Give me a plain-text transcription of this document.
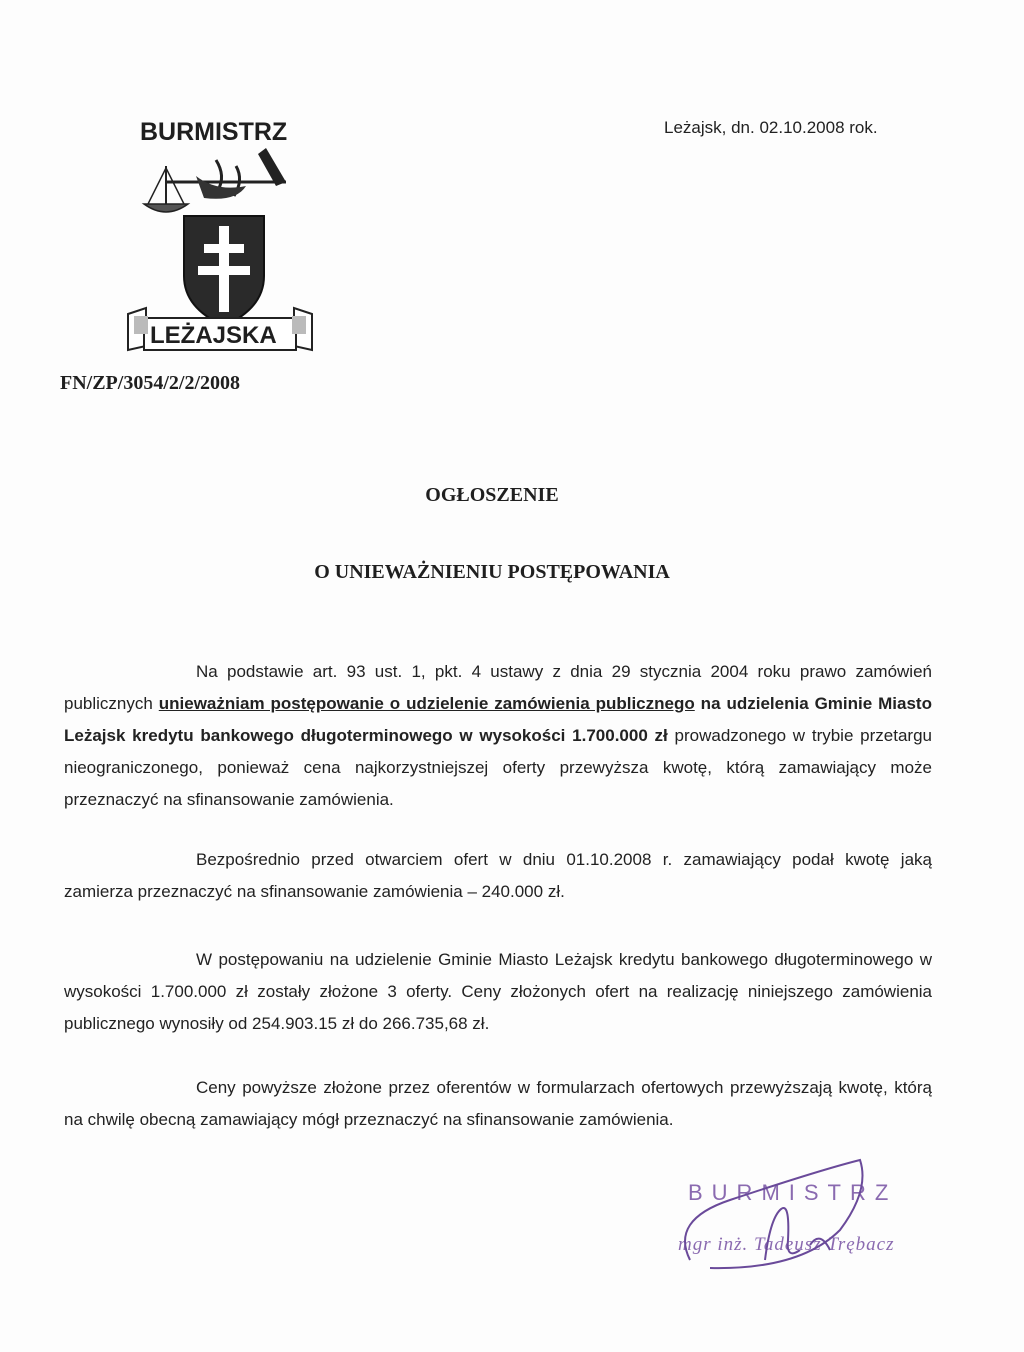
BURMISTRZ
LEŻAJSKA
FN/ZP/3054/2/2/2008
Leżajsk, dn. 02.10.2008 rok.
OGŁOSZENIE
O UNIEWAŻNIENIU POSTĘPOWANIA
Na podstawie art. 93 ust. 1, pkt. 4 ustawy z dnia 29 stycznia 2004 roku prawo zamówień publicznych unieważniam postępowanie o udzielenie zamówienia publicznego na udzielenia Gminie Miasto Leżajsk kredytu bankowego długoterminowego w wysokości 1.700.000 zł prowadzonego w trybie przetargu nieograniczonego, ponieważ cena najkorzystniejszej oferty przewyższa kwotę, którą zamawiający może przeznaczyć na sfinansowanie zamówienia.
Bezpośrednio przed otwarciem ofert w dniu 01.10.2008 r. zamawiający podał kwotę jaką zamierza przeznaczyć na sfinansowanie zamówienia – 240.000 zł.
W postępowaniu na udzielenie Gminie Miasto Leżajsk kredytu bankowego długoterminowego w wysokości 1.700.000 zł zostały złożone 3 oferty. Ceny złożonych ofert na realizację niniejszego zamówienia publicznego wynosiły od 254.903.15 zł do 266.735,68 zł.
Ceny powyższe złożone przez oferentów w formularzach ofertowych przewyższają kwotę, którą na chwilę obecną zamawiający mógł przeznaczyć na sfinansowanie zamówienia.
BURMISTRZ
mgr inż. Tadeusz Trębacz
